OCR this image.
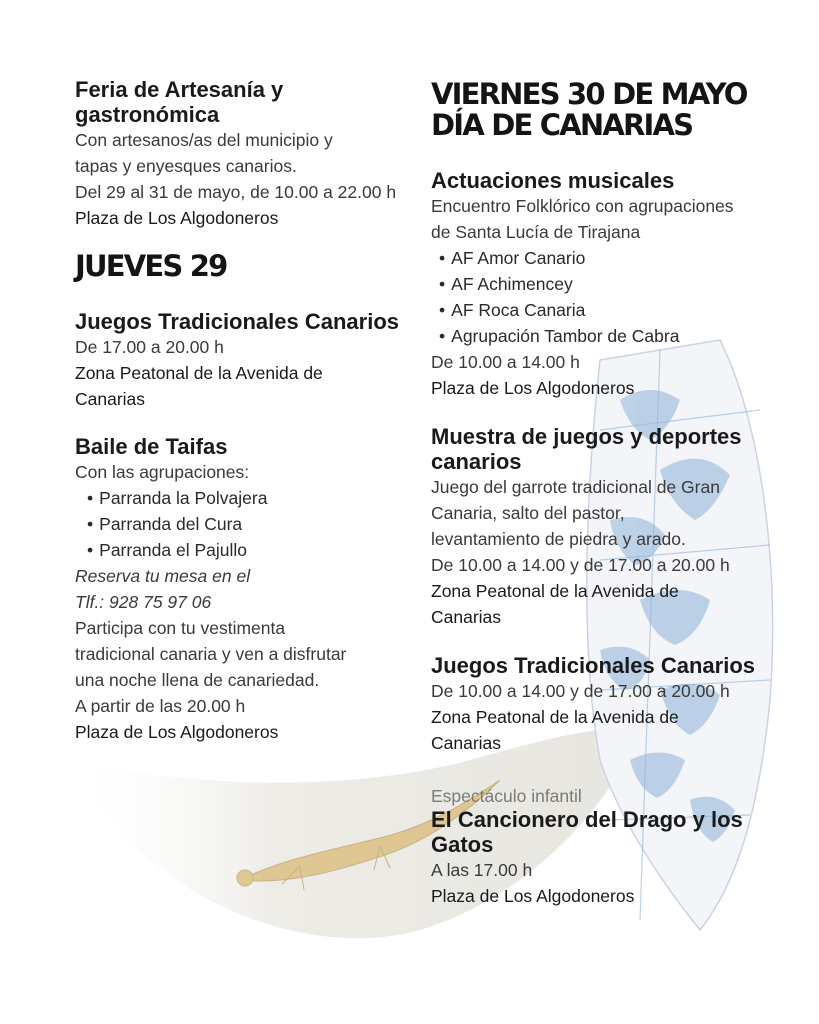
Feria de Artesanía y

gastronómica

Con artesanos/as del municipio y

tapas y enyesques canarios.

Del 29 al 31 de mayo, de 10.00 a 22.00 h

Plaza de Los Algodoneros

JUEVES 29

Juegos Tradicionales Canarios

De 17.00 a 20.00 h

Zona Peatonal de la Avenida de

Canarias

Baile de Taifas

Con las agrupaciones:

• Parranda la Polvajera
• Parranda del Cura
• Parranda el Pajullo

Reserva tu mesa en el

Tlf.: 928 75 97 06

Participa con tu vestimenta

tradicional canaria y ven a disfrutar

una noche llena de canariedad.

A partir de las 20.00 h

Plaza de Los Algodoneros

VIERNES 30 DE MAYO
DÍA DE CANARIAS

Actuaciones musicales

Encuentro Folklórico con agrupaciones

de Santa Lucía de Tirajana

• AF Amor Canario
• AF Achimencey
• AF Roca Canaria
• Agrupación Tambor de Cabra

De 10.00 a 14.00 h

Plaza de Los Algodoneros

Muestra de juegos y deportes

canarios

Juego del garrote tradicional de Gran

Canaria, salto del pastor,

levantamiento de piedra y arado.

De 10.00 a 14.00 y de 17.00 a 20.00 h

Zona Peatonal de la Avenida de

Canarias

Juegos Tradicionales Canarios

De 10.00 a 14.00 y de 17.00 a 20.00 h

Zona Peatonal de la Avenida de

Canarias

Espectáculo infantil

El Cancionero del Drago y los

Gatos

A las 17.00 h

Plaza de Los Algodoneros
